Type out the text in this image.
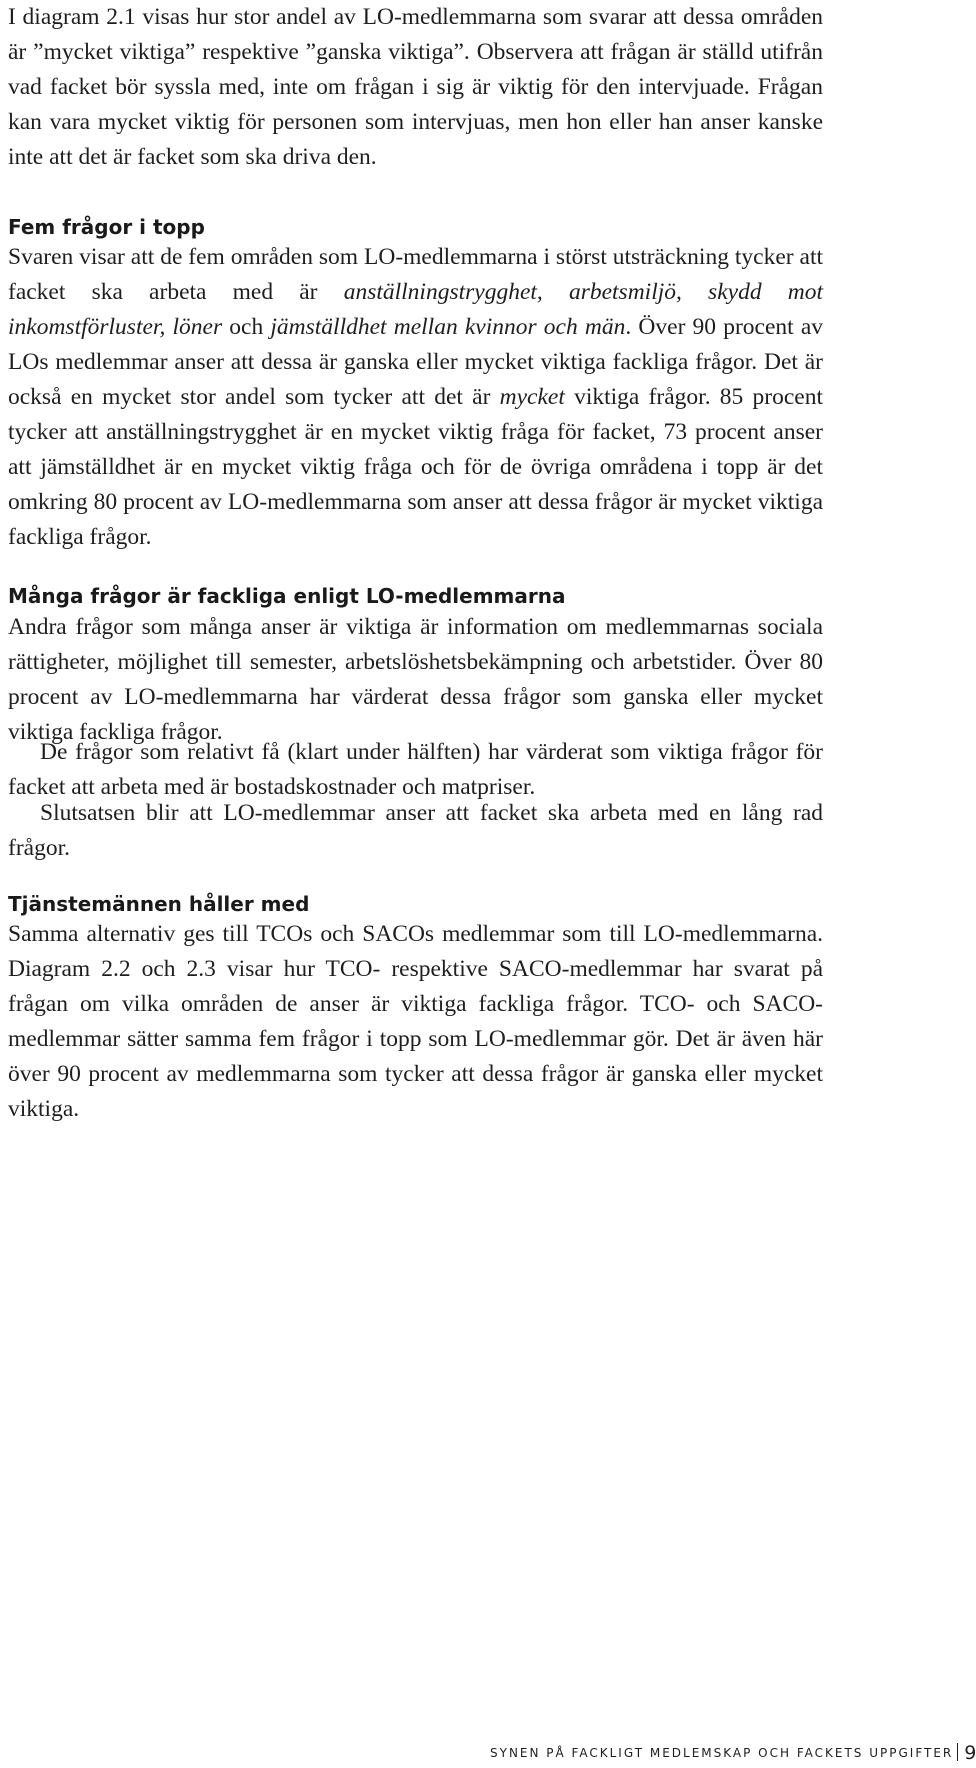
I diagram 2.1 visas hur stor andel av LO-medlemmarna som svarar att dessa områden är ”mycket viktiga” respektive ”ganska viktiga”. Observera att frågan är ställd utifrån vad facket bör syssla med, inte om frågan i sig är viktig för den intervjuade. Frågan kan vara mycket viktig för personen som intervjuas, men hon eller han anser kanske inte att det är facket som ska driva den.

Fem frågor i topp

Svaren visar att de fem områden som LO-medlemmarna i störst utsträckning tycker att facket ska arbeta med är anställningstrygghet, arbetsmiljö, skydd mot inkomstförluster, löner och jämställdhet mellan kvinnor och män. Över 90 procent av LOs medlemmar anser att dessa är ganska eller mycket viktiga fackliga frågor. Det är också en mycket stor andel som tycker att det är mycket viktiga frågor. 85 procent tycker att anställningstrygghet är en mycket viktig fråga för facket, 73 procent anser att jämställdhet är en mycket viktig fråga och för de övriga områdena i topp är det omkring 80 procent av LO-medlemmarna som anser att dessa frågor är mycket viktiga fackliga frågor.

Många frågor är fackliga enligt LO-medlemmarna

Andra frågor som många anser är viktiga är information om medlemmarnas sociala rättigheter, möjlighet till semester, arbetslöshetsbekämpning och arbetstider. Över 80 procent av LO-medlemmarna har värderat dessa frågor som ganska eller mycket viktiga fackliga frågor.

De frågor som relativt få (klart under hälften) har värderat som viktiga frågor för facket att arbeta med är bostadskostnader och matpriser.

Slutsatsen blir att LO-medlemmar anser att facket ska arbeta med en lång rad frågor.

Tjänstemännen håller med

Samma alternativ ges till TCOs och SACOs medlemmar som till LO-medlemmarna. Diagram 2.2 och 2.3 visar hur TCO- respektive SACO-medlemmar har svarat på frågan om vilka områden de anser är viktiga fackliga frågor. TCO- och SACO-medlemmar sätter samma fem frågor i topp som LO-medlemmar gör. Det är även här över 90 procent av medlemmarna som tycker att dessa frågor är ganska eller mycket viktiga.

SYNEN PÅ FACKLIGT MEDLEMSKAP OCH FACKETS UPPGIFTER 9
